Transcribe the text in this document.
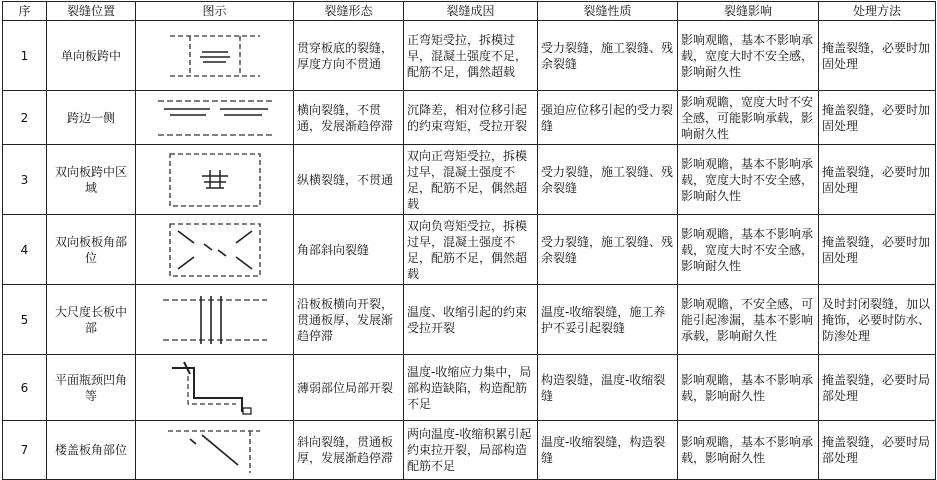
序	裂缝位置	图示	裂缝形态	裂缝成因	裂缝性质	裂缝影响	处理方法
1	单向板跨中		贯穿板底的裂缝，厚度方向不贯通	正弯矩受拉，拆模过早，混凝土强度不足，配筋不足，偶然超载	受力裂缝，施工裂缝、残余裂缝	影响观瞻，基本不影响承载，宽度大时不安全感，影响耐久性	掩盖裂缝，必要时加固处理
2	跨边一侧		横向裂缝，不贯通，发展渐趋停滞	沉降差，相对位移引起的约束弯矩，受拉开裂	强迫应位移引起的受力裂缝	影响观瞻，宽度大时不安全感，可能影响承载，影响耐久性	掩盖裂缝，必要时加固处理
3	双向板跨中区域		纵横裂缝，不贯通	双向正弯矩受拉，拆模过早，混凝土强度不足，配筋不足，偶然超载	受力裂缝，施工裂缝、残余裂缝	影响观瞻，基本不影响承载，宽度大时不安全感，影响耐久性	掩盖裂缝，必要时加固处理
4	双向板板角部位		角部斜向裂缝	双向负弯矩受拉，拆模过早，混凝土强度不足，配筋不足，偶然超载	受力裂缝，施工裂缝、残余裂缝	影响观瞻，基本不影响承载，宽度大时不安全感，影响耐久性	掩盖裂缝，必要时加固处理
5	大尺度长板中部		沿板板横向开裂，贯通板厚，发展渐趋停滞	温度、收缩引起的约束受拉开裂	温度-收缩裂缝，施工养护不妥引起裂缝	影响观瞻，不安全感，可能引起渗漏，基本不影响承载，影响耐久性	及时封闭裂缝，加以掩饰，必要时防水、防渗处理
6	平面瓶颈凹角等		薄弱部位局部开裂	温度-收缩应力集中，局部构造缺陷，构造配筋不足	构造裂缝，温度-收缩裂缝	影响观瞻，基本不影响承载，影响耐久性	掩盖裂缝，必要时局部处理
7	楼盖板角部位		斜向裂缝，贯通板厚，发展渐趋停滞	两向温度-收缩积累引起约束拉开裂，局部构造配筋不足	温度-收缩裂缝，构造裂缝	影响观瞻，基本不影响承载，影响耐久性	掩盖裂缝，必要时局部处理
